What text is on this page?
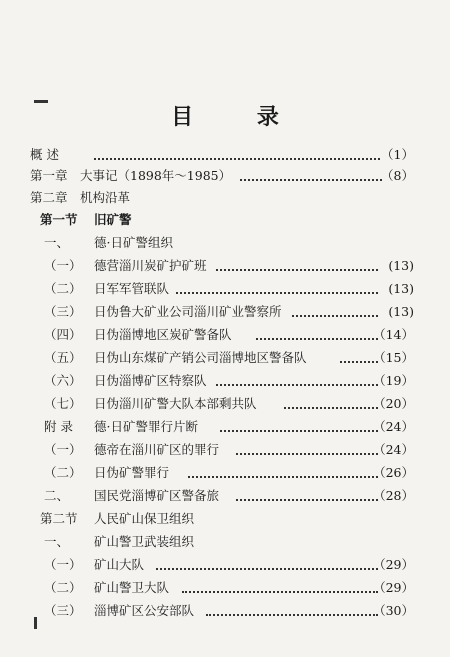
目 录
概 述	（1）
第一章 大事记（1898年～1985）	（8）
第二章 机构沿革
第一节 旧矿警
一、 德·日矿警组织
（一） 德营淄川炭矿护矿班	(13)
（二） 日军军管联队	(13)
（三） 日伪鲁大矿业公司淄川矿业警察所	(13)
（四） 日伪淄博地区炭矿警备队	（14）
（五） 日伪山东煤矿产销公司淄博地区警备队	（15）
（六） 日伪淄博矿区特察队	（19）
（七） 日伪淄川矿警大队本部剩共队	（20）
附 录 德·日矿警罪行片断	（24）
（一） 德帝在淄川矿区的罪行	（24）
（二） 日伪矿警罪行	（26）
二、 国民党淄博矿区警备旅	（28）
第二节 人民矿山保卫组织
一、 矿山警卫武装组织
（一） 矿山大队	（29）
（二） 矿山警卫大队	（29）
（三） 淄博矿区公安部队	（30）
